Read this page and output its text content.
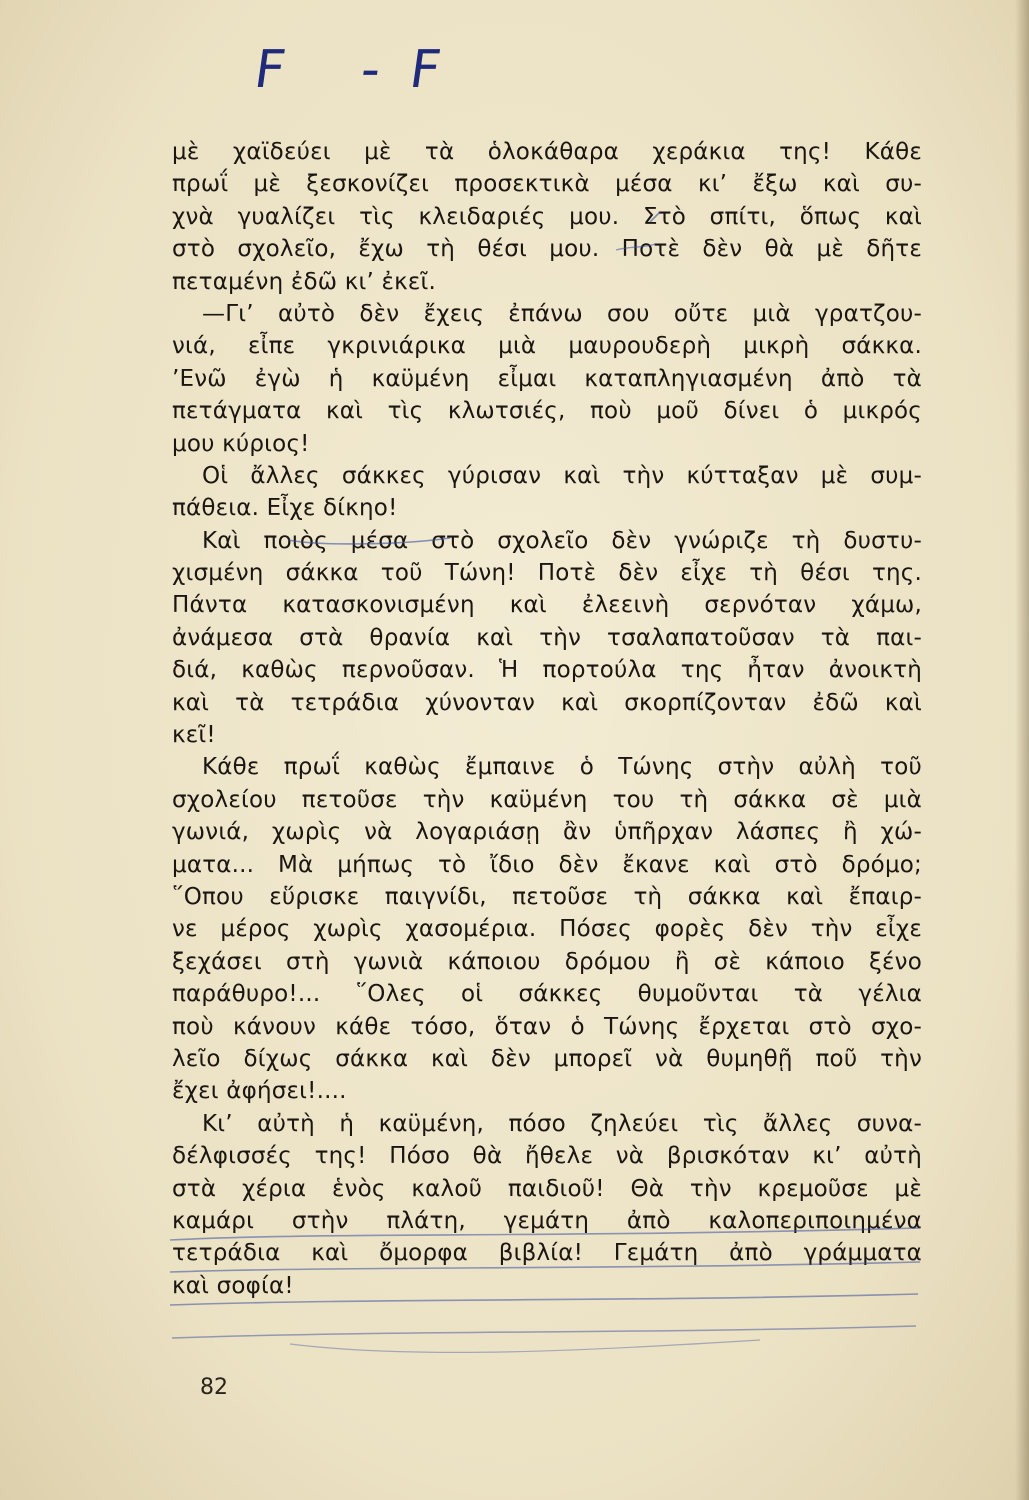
F -F
μὲ χαϊδεύει μὲ τὰ ὁλοκάθαρα χεράκια της! Κάθε
πρωΐ μὲ ξεσκονίζει προσεκτικὰ μέσα κι’ ἔξω καὶ συ-
χνὰ γυαλίζει τὶς κλειδαριές μου. Στὸ σπίτι, ὅπως καὶ
στὸ σχολεῖο, ἔχω τὴ θέσι μου. Ποτὲ δὲν θὰ μὲ δῆτε
πεταμένη ἐδῶ κι’ ἐκεῖ.
—Γι’ αὐτὸ δὲν ἔχεις ἐπάνω σου οὔτε μιὰ γρατζου-
νιά, εἶπε γκρινιάρικα μιὰ μαυρουδερὴ μικρὴ σάκκα.
’Ενῶ ἐγὼ ἡ καϋμένη εἶμαι καταπληγιασμένη ἀπὸ τὰ
πετάγματα καὶ τὶς κλωτσιές, ποὺ μοῦ δίνει ὁ μικρός
μου κύριος!
Οἱ ἄλλες σάκκες γύρισαν καὶ τὴν κύτταξαν μὲ συμ-
πάθεια. Εἶχε δίκηο!
Καὶ ποιὸς μέσα στὸ σχολεῖο δὲν γνώριζε τὴ δυστυ-
χισμένη σάκκα τοῦ Τώνη! Ποτὲ δὲν εἶχε τὴ θέσι της.
Πάντα κατασκονισμένη καὶ ἐλεεινὴ σερνόταν χάμω,
ἀνάμεσα στὰ θρανία καὶ τὴν τσαλαπατοῦσαν τὰ παι-
διά, καθὼς περνοῦσαν. Ἡ πορτούλα της ἦταν ἀνοικτὴ
καὶ τὰ τετράδια χύνονταν καὶ σκορπίζονταν ἐδῶ καὶ
κεῖ!
Κάθε πρωΐ καθὼς ἔμπαινε ὁ Τώνης στὴν αὐλὴ τοῦ
σχολείου πετοῦσε τὴν καϋμένη του τὴ σάκκα σὲ μιὰ
γωνιά, χωρὶς νὰ λογαριάσῃ ἂν ὑπῆρχαν λάσπες ἢ χώ-
ματα... Μὰ μήπως τὸ ἴδιο δὲν ἔκανε καὶ στὸ δρόμο;
῞Οπου εὕρισκε παιγνίδι, πετοῦσε τὴ σάκκα καὶ ἔπαιρ-
νε μέρος χωρὶς χασομέρια. Πόσες φορὲς δὲν τὴν εἶχε
ξεχάσει στὴ γωνιὰ κάποιου δρόμου ἢ σὲ κάποιο ξένο
παράθυρο!... ῞Ολες οἱ σάκκες θυμοῦνται τὰ γέλια
ποὺ κάνουν κάθε τόσο, ὅταν ὁ Τώνης ἔρχεται στὸ σχο-
λεῖο δίχως σάκκα καὶ δὲν μπορεῖ νὰ θυμηθῇ ποῦ τὴν
ἔχει ἀφήσει!....
Κι’ αὐτὴ ἡ καϋμένη, πόσο ζηλεύει τὶς ἄλλες συνα-
δέλφισσές της! Πόσο θὰ ἤθελε νὰ βρισκόταν κι’ αὐτὴ
στὰ χέρια ἑνὸς καλοῦ παιδιοῦ! Θὰ τὴν κρεμοῦσε μὲ
καμάρι στὴν πλάτη, γεμάτη ἀπὸ καλοπεριποιημένα
τετράδια καὶ ὄμορφα βιβλία! Γεμάτη ἀπὸ γράμματα
καὶ σοφία!
82
